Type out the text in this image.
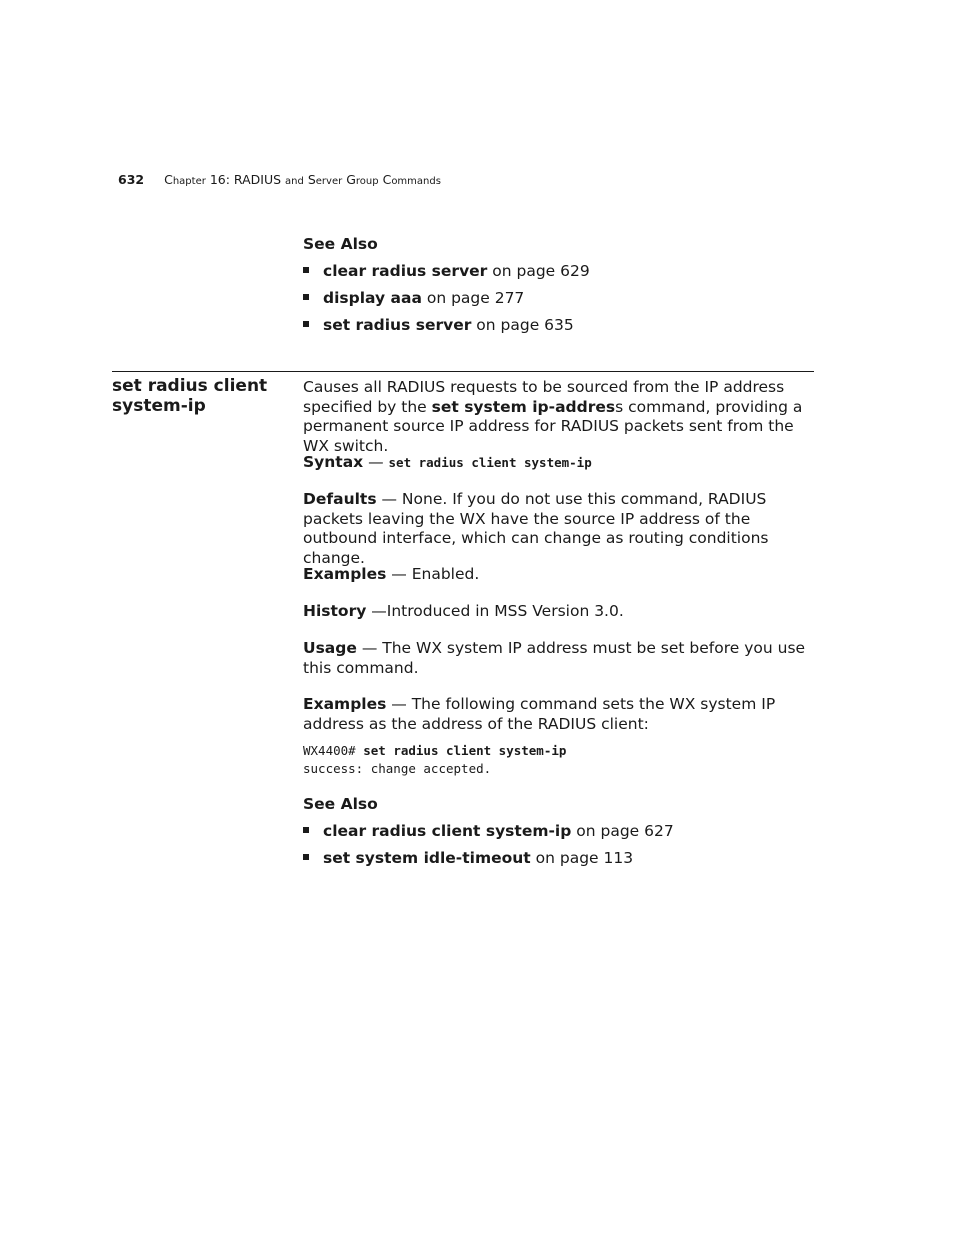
632 Chapter 16: RADIUS and Server Group Commands
See Also
clear radius server on page 629
display aaa on page 277
set radius server on page 635
set radius client system-ip
Causes all RADIUS requests to be sourced from the IP address specified by the set system ip-address command, providing a permanent source IP address for RADIUS packets sent from the WX switch.
Syntax — set radius client system-ip
Defaults — None. If you do not use this command, RADIUS packets leaving the WX have the source IP address of the outbound interface, which can change as routing conditions change.
Examples — Enabled.
History —Introduced in MSS Version 3.0.
Usage — The WX system IP address must be set before you use this command.
Examples — The following command sets the WX system IP address as the address of the RADIUS client:
WX4400# set radius client system-ip
success: change accepted.
See Also
clear radius client system-ip on page 627
set system idle-timeout on page 113
